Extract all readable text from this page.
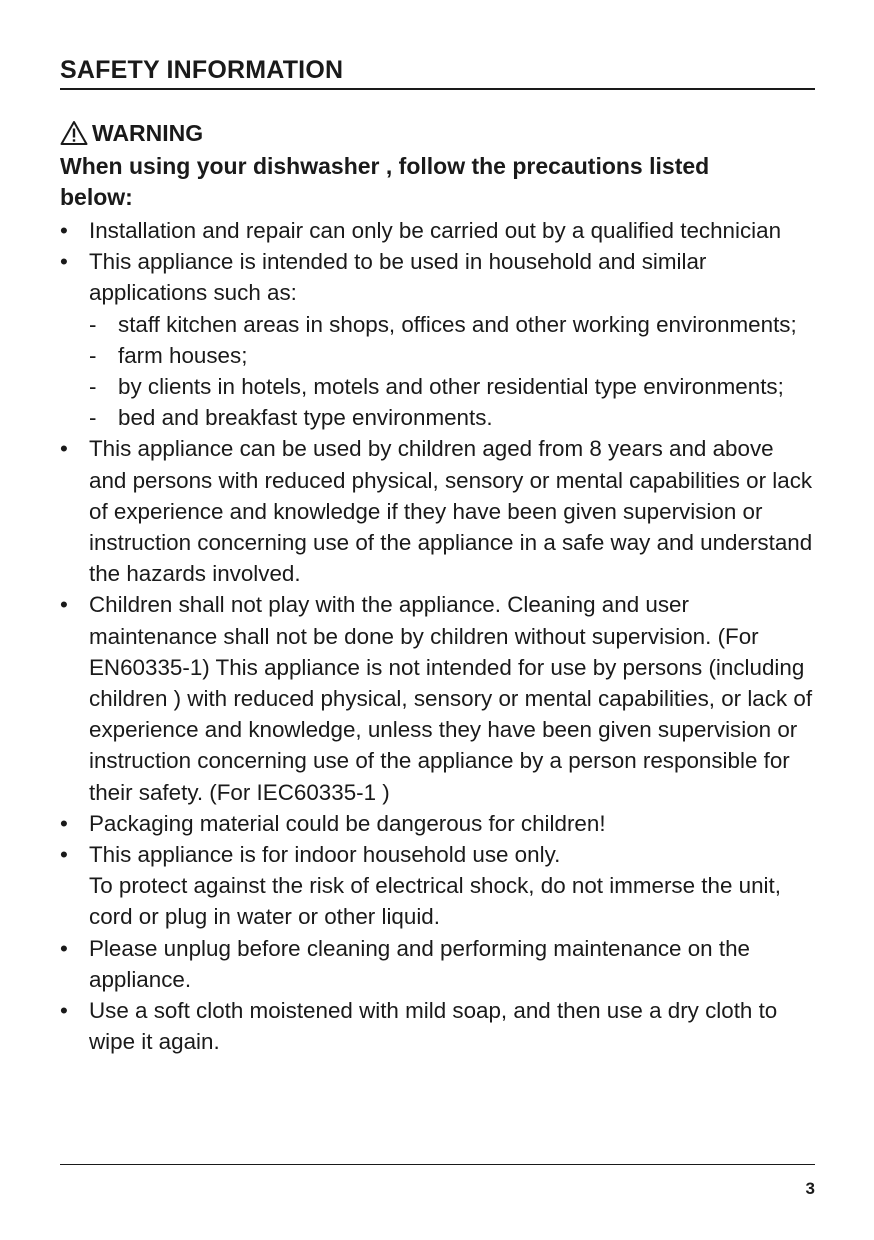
SAFETY INFORMATION
WARNING
When using your dishwasher , follow the precautions listed below:
• Installation and repair can only be carried out by a qualified technician
• This appliance is intended to be used in household and similar applications such as:
- staff kitchen areas in shops, offices and other working environments;
- farm houses;
- by clients in hotels, motels and other residential type environments;
- bed and breakfast type environments.
• This appliance can be used by children aged from 8 years and above and persons with reduced physical, sensory or mental capabilities or lack of experience and knowledge if they have been given supervision or instruction concerning use of the appliance in a safe way and understand the hazards involved.
• Children shall not play with the appliance. Cleaning and user maintenance shall not be done by children without supervision. (For EN60335-1) This appliance is not intended for use by persons (including children ) with reduced physical, sensory or mental capabilities, or lack of experience and knowledge, unless they have been given supervision or instruction concerning use of the appliance by a person responsible for their safety. (For IEC60335-1 )
• Packaging material could be dangerous for children!
• This appliance is for indoor household use only.
To protect against the risk of electrical shock, do not immerse the unit, cord or plug in water or other liquid.
• Please unplug before cleaning and performing maintenance on the appliance.
• Use a soft cloth moistened with mild soap, and then use a dry cloth to wipe it again.
3
